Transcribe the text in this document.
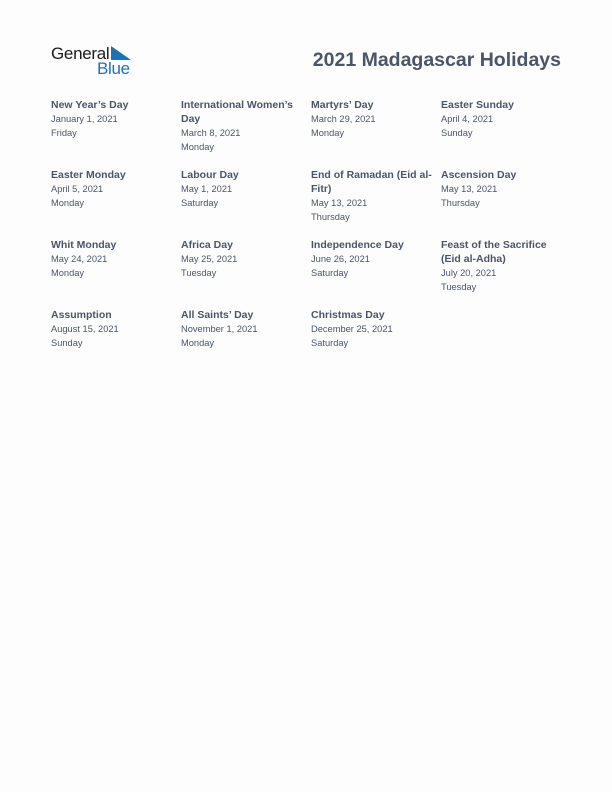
General
Blue	2021 Madagascar Holidays
New Year’s Day
January 1, 2021
Friday
International Women’s Day
March 8, 2021
Monday
Martyrs’ Day
March 29, 2021
Monday
Easter Sunday
April 4, 2021
Sunday
Easter Monday
April 5, 2021
Monday
Labour Day
May 1, 2021
Saturday
End of Ramadan (Eid al-Fitr)
May 13, 2021
Thursday
Ascension Day
May 13, 2021
Thursday
Whit Monday
May 24, 2021
Monday
Africa Day
May 25, 2021
Tuesday
Independence Day
June 26, 2021
Saturday
Feast of the Sacrifice (Eid al-Adha)
July 20, 2021
Tuesday
Assumption
August 15, 2021
Sunday
All Saints’ Day
November 1, 2021
Monday
Christmas Day
December 25, 2021
Saturday
